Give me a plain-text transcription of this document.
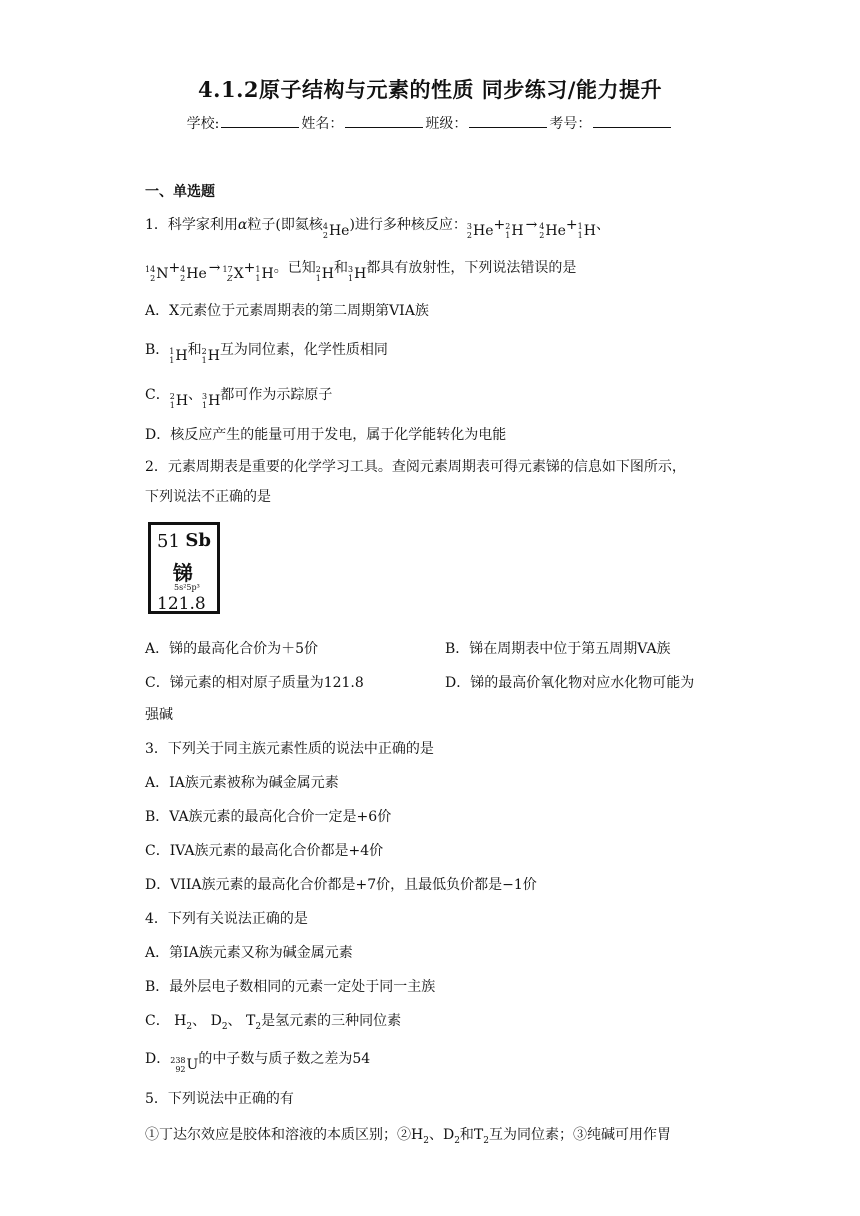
4.1.2原子结构与元素的性质 同步练习/能力提升
学校:	姓名：	班级：	考号：
一、单选题
1．科学家利用α粒子(即氦核 4
2 He )进行多种核反应： 3
2 He + 2
1 H → 4
2 He + 1
1 H 、
14
2 N + 4
2 He → 17
Z X + 1
1 H 。已知 2
1 H 和 3
1 H 都具有放射性，下列说法错误的是
A．X元素位于元素周期表的第二周期第VIA族
B． 1
1 H 和 2
1 H 互为同位素，化学性质相同
C． 2
1 H 、 3
1 H 都可作为示踪原子
D．核反应产生的能量可用于发电，属于化学能转化为电能
2．元素周期表是重要的化学学习工具。查阅元素周期表可得元素锑的信息如下图所示，
下列说法不正确的是
51 Sb
锑
5s²5p³
121.8
A．锑的最高化合价为＋5价	B．锑在周期表中位于第五周期VA族
C．锑元素的相对原子质量为121.8	D．锑的最高价氧化物对应水化物可能为
强碱
3．下列关于同主族元素性质的说法中正确的是
A．IA族元素被称为碱金属元素
B．VA族元素的最高化合价一定是+6价
C．IVA族元素的最高化合价都是+4价
D．VIIA族元素的最高化合价都是+7价，且最低负价都是−1价
4．下列有关说法正确的是
A．第IA族元素又称为碱金属元素
B．最外层电子数相同的元素一定处于同一主族
C． $H_2$、 $D_2$、 $T_2$是氢元素的三种同位素
D． 238
92 U 的中子数与质子数之差为54
5．下列说法中正确的有
①丁达尔效应是胶体和溶液的本质区别；$②H_2$、$D_2$和$T_2$互为同位素；③纯碱可用作胃
